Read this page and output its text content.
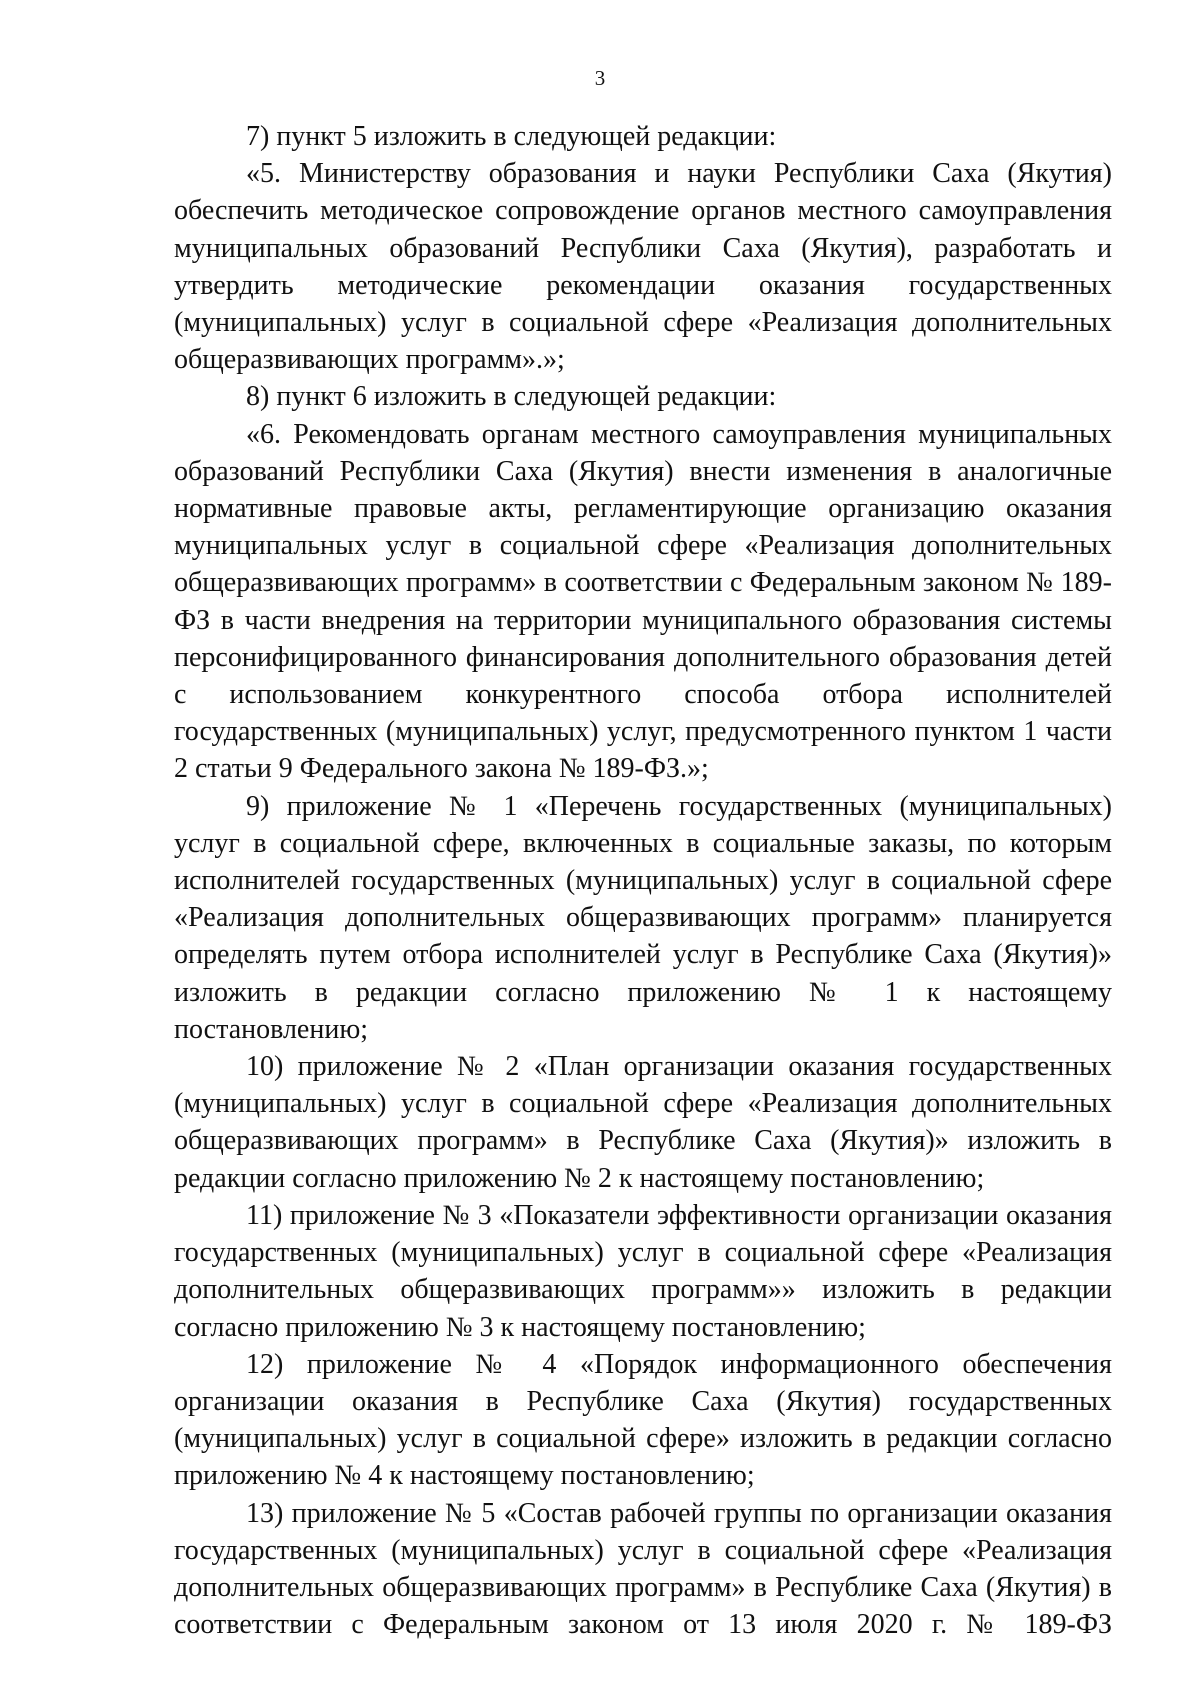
3

7) пункт 5 изложить в следующей редакции:

«5. Министерству образования и науки Республики Саха (Якутия) обеспечить методическое сопровождение органов местного самоуправления муниципальных образований Республики Саха (Якутия), разработать и утвердить методические рекомендации оказания государственных (муниципальных) услуг в социальной сфере «Реализация дополнительных общеразвивающих программ».»;

8) пункт 6 изложить в следующей редакции:

«6. Рекомендовать органам местного самоуправления муниципальных образований Республики Саха (Якутия) внести изменения в аналогичные нормативные правовые акты, регламентирующие организацию оказания муниципальных услуг в социальной сфере «Реализация дополнительных общеразвивающих программ» в соответствии с Федеральным законом № 189-ФЗ в части внедрения на территории муниципального образования системы персонифицированного финансирования дополнительного образования детей с использованием конкурентного способа отбора исполнителей государственных (муниципальных) услуг, предусмотренного пунктом 1 части 2 статьи 9 Федерального закона № 189-ФЗ.»;

9) приложение № 1 «Перечень государственных (муниципальных) услуг в социальной сфере, включенных в социальные заказы, по которым исполнителей государственных (муниципальных) услуг в социальной сфере «Реализация дополнительных общеразвивающих программ» планируется определять путем отбора исполнителей услуг в Республике Саха (Якутия)» изложить в редакции согласно приложению № 1 к настоящему постановлению;

10) приложение № 2 «План организации оказания государственных (муниципальных) услуг в социальной сфере «Реализация дополнительных общеразвивающих программ» в Республике Саха (Якутия)» изложить в редакции согласно приложению № 2 к настоящему постановлению;

11) приложение № 3 «Показатели эффективности организации оказания государственных (муниципальных) услуг в социальной сфере «Реализация дополнительных общеразвивающих программ»» изложить в редакции согласно приложению № 3 к настоящему постановлению;

12) приложение № 4 «Порядок информационного обеспечения организации оказания в Республике Саха (Якутия) государственных (муниципальных) услуг в социальной сфере» изложить в редакции согласно приложению № 4 к настоящему постановлению;

13) приложение № 5 «Состав рабочей группы по организации оказания государственных (муниципальных) услуг в социальной сфере «Реализация дополнительных общеразвивающих программ» в Республике Саха (Якутия) в соответствии с Федеральным законом от 13 июля 2020 г. № 189-ФЗ
